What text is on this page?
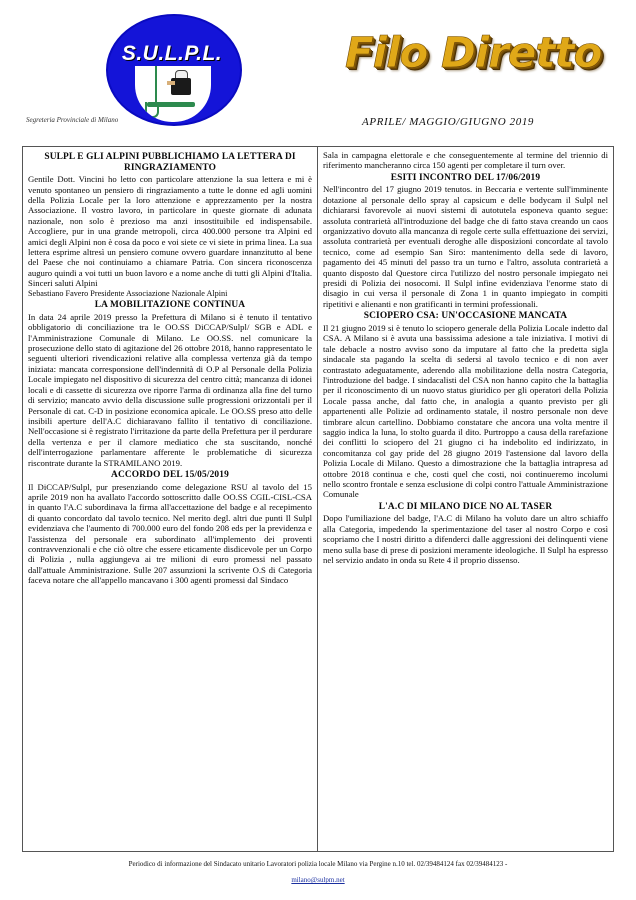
S.U.L.P.L.
Segreteria Provinciale di Milano
Filo Diretto
APRILE/ MAGGIO/GIUGNO 2019
SULPL E GLI ALPINI PUBBLICHIAMO LA LETTERA DI RINGRAZIAMENTO

Gentile Dott. Vincini ho letto con particolare attenzione la sua lettera e mi è venuto spontaneo un pensiero di ringraziamento a tutte le donne ed agli uomini della Polizia Locale per la loro attenzione e apprezzamento per la nostra Associazione. Il vostro lavoro, in particolare in queste giornate di adunata nazionale, non solo è prezioso ma anzi insostituibile ed indispensabile. Accogliere, pur in una grande metropoli, circa 400.000 persone tra Alpini ed amici degli Alpini non è cosa da poco e voi siete ce vi siete in prima linea. La sua lettera esprime altresì un pensiero comune ovvero guardare innanzitutto al bene del Paese che noi continuiamo a chiamare Patria. Con sincera riconoscenza auguro quindi a voi tutti un buon lavoro e a nome anche di tutti gli Alpini d'Italia. Sinceri saluti Alpini

Sebastiano Favero Presidente Associazione Nazionale Alpini

LA MOBILITAZIONE CONTINUA

In data 24 aprile 2019 presso la Prefettura di Milano si è tenuto il tentativo obbligatorio di conciliazione tra le OO.SS DiCCAP/Sulpl/ SGB e ADL e l'Amministrazione Comunale di Milano. Le OO.SS. nel comunicare la prosecuzione dello stato di agitazione del 26 ottobre 2018, hanno rappresentato le seguenti ulteriori rivendicazioni relative alla complessa vertenza già da tempo iniziata: mancata corresponsione dell'indennità di O.P al Personale della Polizia Locale impiegato nel dispositivo di sicurezza del centro città; mancanza di idonei locali e di cassette di sicurezza ove riporre l'arma di ordinanza alla fine del turno di servizio; mancato avvio della discussione sulle progressioni orizzontali per il Personale di cat. C-D in posizione economica apicale. Le OO.SS preso atto delle insibili aperture dell'A.C dichiaravano fallito il tentativo di conciliazione. Nell'occasione si è registrato l'irritazione da parte della Prefettura per il perdurare della vertenza e per il clamore mediatico che sta suscitando, nonché dell'interrogazione parlamentare afferente le problematiche di sicurezza riscontrate durante la STRAMILANO 2019.

ACCORDO DEL 15/05/2019

Il DiCCAP/Sulpl, pur presenziando come delegazione RSU al tavolo del 15 aprile 2019 non ha avallato l'accordo sottoscritto dalle OO.SS CGIL-CISL-CSA in quanto l'A.C subordinava la firma all'accettazione del badge e al recepimento di quanto concordato dal tavolo tecnico. Nel merito degl. altri due punti Il Sulpl evidenziava che l'aumento di 700.000 euro del fondo 208 eds per la previdenza e l'assistenza del personale era subordinato all'implemento dei proventi contravvenzionali e che ciò oltre che essere eticamente disdicevole per un Corpo di Polizia , nulla aggiungeva ai tre milioni di euro promessi nel passato dall'attuale Amministrazione. Sulle 207 assunzioni la scrivente O.S di Categoria faceva notare che all'appello mancavano i 300 agenti promessi dal Sindaco

Sala in campagna elettorale e che conseguentemente al termine del triennio di riferimento mancheranno circa 150 agenti per completare il turn over.

ESITI INCONTRO DEL 17/06/2019

Nell'incontro del 17 giugno 2019 tenutos. in Beccaria e vertente sull'imminente dotazione al personale dello spray al capsicum e delle bodycam il Sulpl nel dichiararsi favorevole ai nuovi sistemi di autotutela esponeva quanto segue: assoluta contrarietà all'introduzione del badge che di fatto stava creando un caos organizzativo dovuto alla mancanza di regole certe sulla effettuazione dei servizi, assoluta contrarietà per eventuali deroghe alle disposizioni concordate al tavolo tecnico, come ad esempio San Siro: mantenimento della sede di lavoro, pagamento dei 45 minuti del passo tra un turno e l'altro, assoluta contrarietà a quanto disposto dal Questore circa l'utilizzo del nostro personale impiegato nei presidi di Polizia dei nosocomi. Il Sulpl infine evidenziava l'enorme stato di disagio in cui versa il personale di Zona 1 in quanto impiegato in compiti ripetitivi e alienanti e non gratificanti in termini professionali.

SCIOPERO CSA: UN'OCCASIONE MANCATA

Il 21 giugno 2019 si è tenuto lo sciopero generale della Polizia Locale indetto dal CSA. A Milano si è avuta una bassissima adesione a tale iniziativa. I motivi di tale debacle a nostro avviso sono da imputare al fatto che la predetta sigla sindacale sta pagando la scelta di sedersi al tavolo tecnico e di non aver contrastato adeguatamente, aderendo alla mobilitazione della nostra Categoria, l'introduzione del badge. I sindacalisti del CSA non hanno capito che la battaglia per il riconoscimento di un nuovo status giuridico per gli operatori della Polizia Locale passa anche, dal fatto che, in analogia a quanto previsto per gli appartenenti alle Polizie ad ordinamento statale, il nostro personale non deve timbrare alcun cartellino. Dobbiamo constatare che ancora una volta mentre il saggio indica la luna, lo stolto guarda il dito. Purtroppo a causa della rarefazione dei conflitti lo sciopero del 21 giugno ci ha indebolito ed indirizzato, in concomitanza col gay pride del 28 giugno 2019 l'astensione dal lavoro della Polizia Locale di Milano. Questo a dimostrazione che la battaglia intrapresa ad ottobre 2018 continua e che, costi quel che costi, noi continueremo incolumi nello scontro frontale e senza esclusione di colpi contro l'attuale Amministrazione Comunale

L'A.C DI MILANO DICE NO AL TASER

Dopo l'umiliazione del badge, l'A.C di Milano ha voluto dare un altro schiaffo alla Categoria, impedendo la sperimentazione del taser al nostro Corpo e così scopriamo che I nostri diritto a difenderci dalle aggressioni dei delinquenti viene meno sulla base di prese di posizioni meramente ideologiche. Il Sulpl ha espresso nel servizio andato in onda su Rete 4 il proprio dissenso.

Periodico di informazione del Sindacato unitario Lavoratori polizia locale Milano via Pergine n.10 tel. 02/39484124 fax 02/39484123 -
milano@sulpm.net
